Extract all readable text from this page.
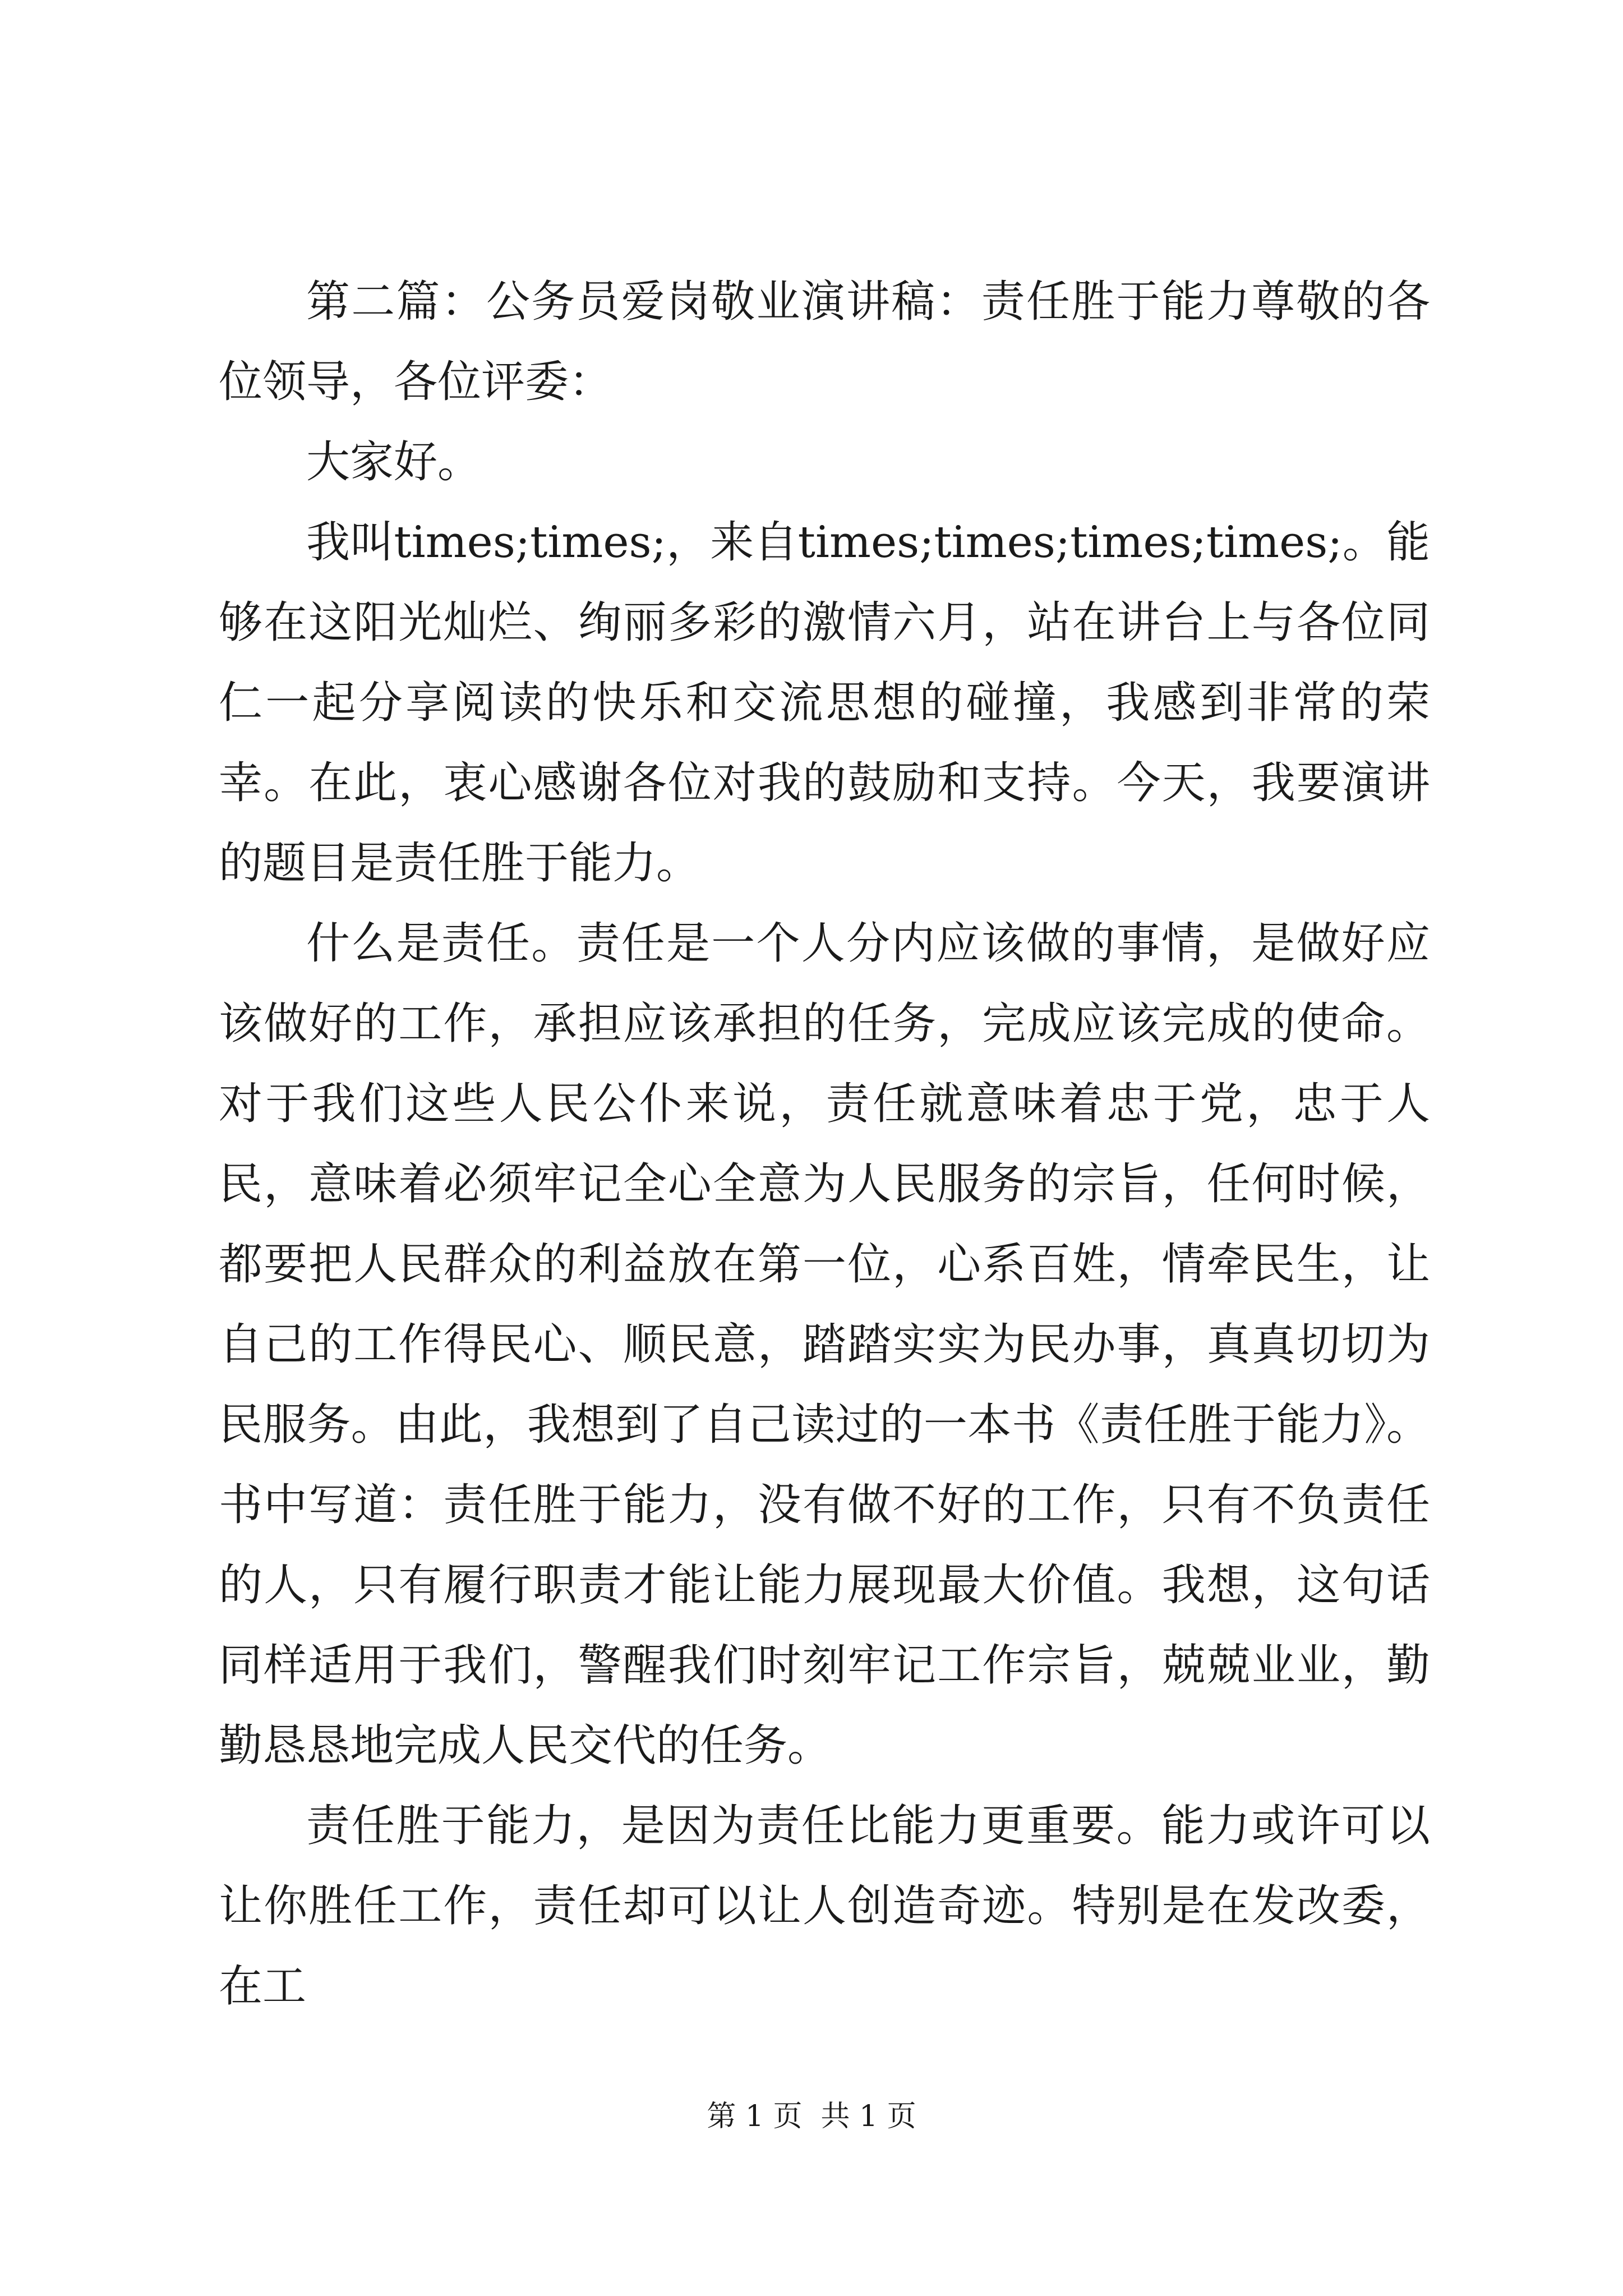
第二篇：公务员爱岗敬业演讲稿：责任胜于能力尊敬的各位领导，各位评委：

大家好。

我叫times;times;，来自times;times;times;times;。能够在这阳光灿烂、绚丽多彩的激情六月，站在讲台上与各位同仁一起分享阅读的快乐和交流思想的碰撞，我感到非常的荣幸。在此，衷心感谢各位对我的鼓励和支持。今天，我要演讲的题目是责任胜于能力。

什么是责任。责任是一个人分内应该做的事情，是做好应该做好的工作，承担应该承担的任务，完成应该完成的使命。对于我们这些人民公仆来说，责任就意味着忠于党，忠于人民，意味着必须牢记全心全意为人民服务的宗旨，任何时候，都要把人民群众的利益放在第一位，心系百姓，情牵民生，让自己的工作得民心、顺民意，踏踏实实为民办事，真真切切为民服务。由此，我想到了自己读过的一本书《责任胜于能力》。书中写道：责任胜于能力，没有做不好的工作，只有不负责任的人，只有履行职责才能让能力展现最大价值。我想，这句话同样适用于我们，警醒我们时刻牢记工作宗旨，兢兢业业，勤勤恳恳地完成人民交代的任务。

责任胜于能力，是因为责任比能力更重要。能力或许可以让你胜任工作，责任却可以让人创造奇迹。特别是在发改委，在工

第 1 页  共 1 页
